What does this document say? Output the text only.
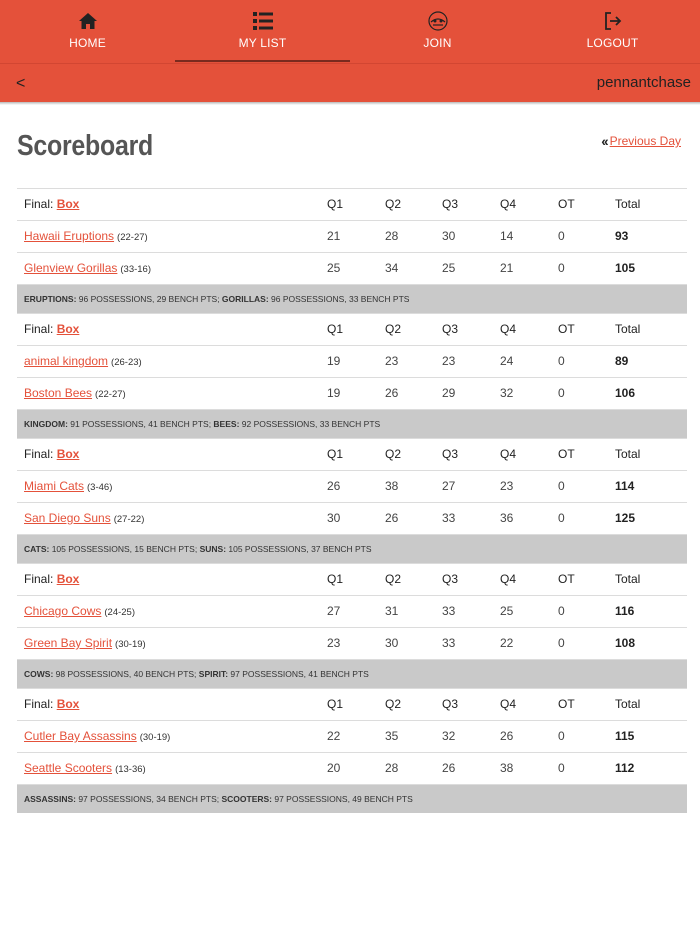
HOME	MY LIST	JOIN	LOGOUT
<	pennantchase
Scoreboard	‹‹ Previous Day
Final: Box	Q1	Q2	Q3	Q4	OT	Total
Hawaii Eruptions (22-27)	21	28	30	14	0	93
Glenview Gorillas (33-16)	25	34	25	21	0	105
ERUPTIONS: 96 POSSESSIONS, 29 BENCH PTS; GORILLAS: 96 POSSESSIONS, 33 BENCH PTS
Final: Box	Q1	Q2	Q3	Q4	OT	Total
animal kingdom (26-23)	19	23	23	24	0	89
Boston Bees (22-27)	19	26	29	32	0	106
KINGDOM: 91 POSSESSIONS, 41 BENCH PTS; BEES: 92 POSSESSIONS, 33 BENCH PTS
Final: Box	Q1	Q2	Q3	Q4	OT	Total
Miami Cats (3-46)	26	38	27	23	0	114
San Diego Suns (27-22)	30	26	33	36	0	125
CATS: 105 POSSESSIONS, 15 BENCH PTS; SUNS: 105 POSSESSIONS, 37 BENCH PTS
Final: Box	Q1	Q2	Q3	Q4	OT	Total
Chicago Cows (24-25)	27	31	33	25	0	116
Green Bay Spirit (30-19)	23	30	33	22	0	108
COWS: 98 POSSESSIONS, 40 BENCH PTS; SPIRIT: 97 POSSESSIONS, 41 BENCH PTS
Final: Box	Q1	Q2	Q3	Q4	OT	Total
Cutler Bay Assassins (30-19)	22	35	32	26	0	115
Seattle Scooters (13-36)	20	28	26	38	0	112
ASSASSINS: 97 POSSESSIONS, 34 BENCH PTS; SCOOTERS: 97 POSSESSIONS, 49 BENCH PTS
